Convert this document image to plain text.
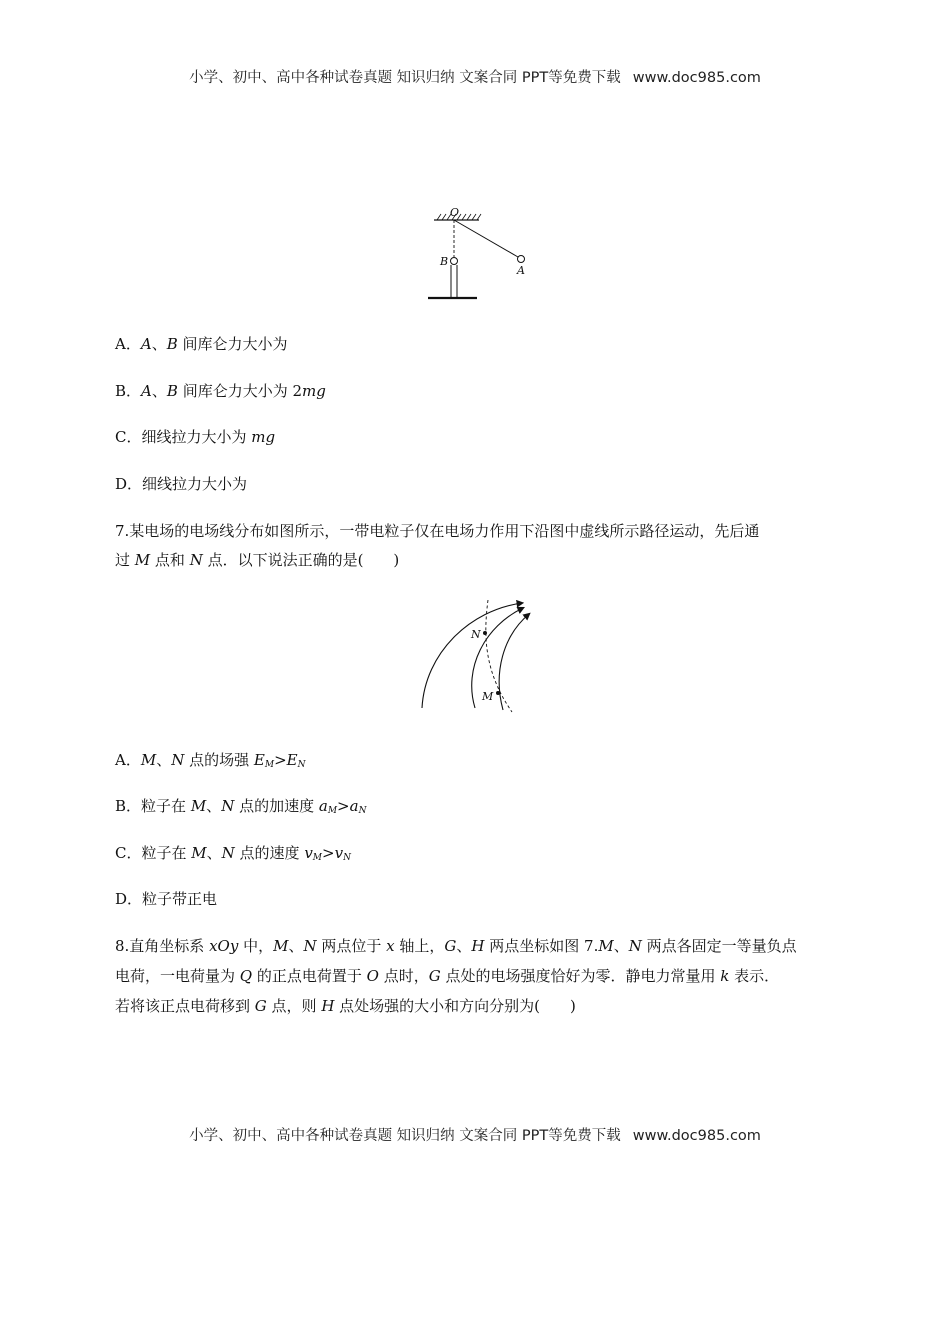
小学、初中、高中各种试卷真题 知识归纳 文案合同 PPT等免费下载 www.doc985.com
O
B
A
A．A、B 间库仑力大小为
B．A、B 间库仑力大小为 2mg
C．细线拉力大小为 mg
D．细线拉力大小为
7.某电场的电场线分布如图所示，一带电粒子仅在电场力作用下沿图中虚线所示路径运动，先后通
过 M 点和 N 点．以下说法正确的是(　　)
N
M
A．M、N 点的场强 $E_M>E_N$
B．粒子在 M、N 点的加速度 $a_M>a_N$
C．粒子在 M、N 点的速度 $v_M>v_N$
D．粒子带正电
8.直角坐标系 xOy 中，M、N 两点位于 x 轴上，G、H 两点坐标如图 7.M、N 两点各固定一等量负点
电荷，一电荷量为 Q 的正点电荷置于 O 点时，G 点处的电场强度恰好为零．静电力常量用 k 表示．
若将该正点电荷移到 G 点，则 H 点处场强的大小和方向分别为(　　)
小学、初中、高中各种试卷真题 知识归纳 文案合同 PPT等免费下载 www.doc985.com
